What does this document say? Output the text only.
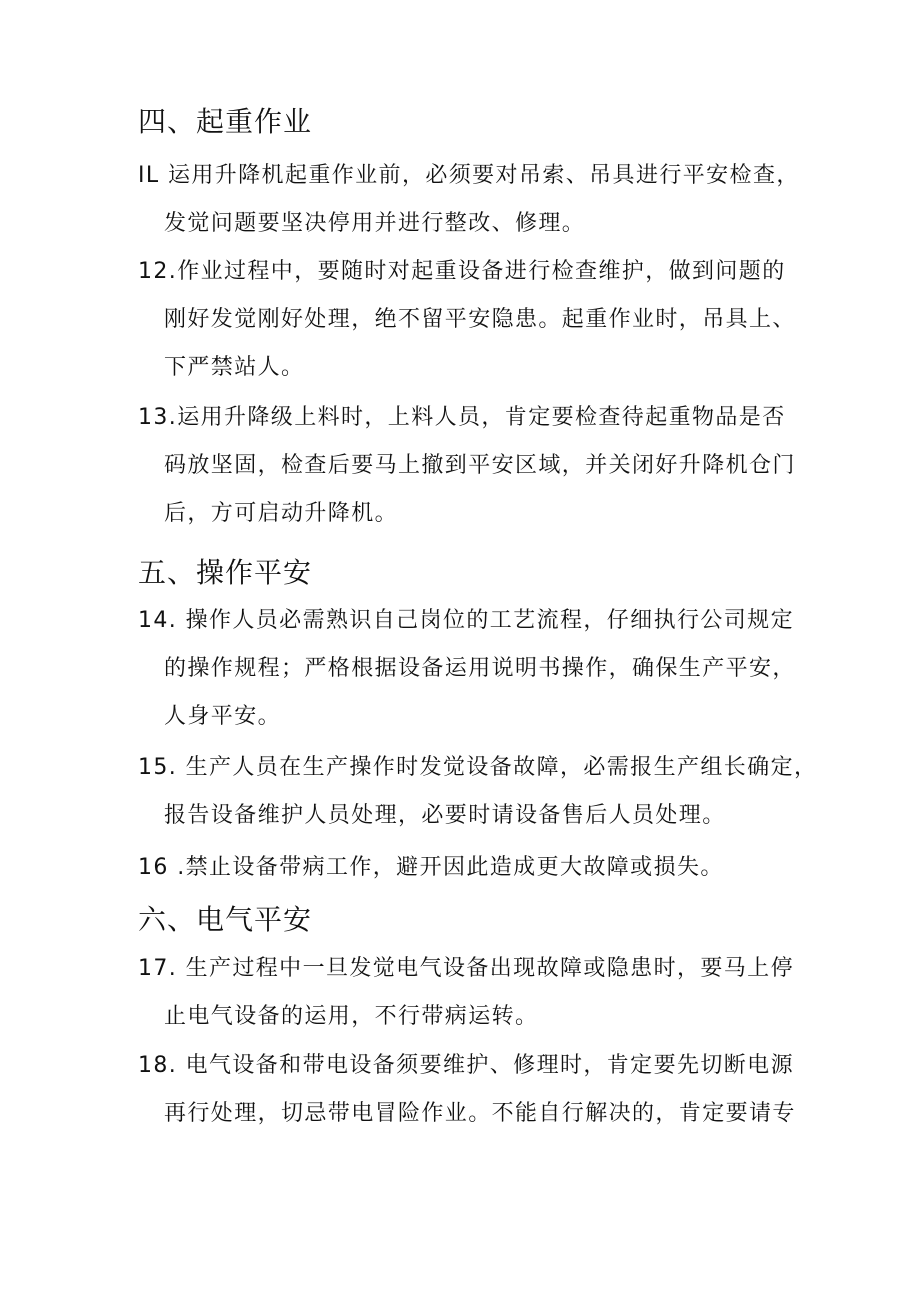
四、起重作业
IL 运用升降机起重作业前，必须要对吊索、吊具进行平安检查，
发觉问题要坚决停用并进行整改、修理。
12.作业过程中，要随时对起重设备进行检查维护，做到问题的
刚好发觉刚好处理，绝不留平安隐患。起重作业时，吊具上、
下严禁站人。
13.运用升降级上料时，上料人员，肯定要检查待起重物品是否
码放坚固，检查后要马上撤到平安区域，并关闭好升降机仓门
后，方可启动升降机。
五、操作平安
14. 操作人员必需熟识自己岗位的工艺流程，仔细执行公司规定
的操作规程；严格根据设备运用说明书操作，确保生产平安，
人身平安。
15. 生产人员在生产操作时发觉设备故障，必需报生产组长确定，
报告设备维护人员处理，必要时请设备售后人员处理。
16 .禁止设备带病工作，避开因此造成更大故障或损失。
六、电气平安
17. 生产过程中一旦发觉电气设备出现故障或隐患时，要马上停
止电气设备的运用，不行带病运转。
18. 电气设备和带电设备须要维护、修理时，肯定要先切断电源
再行处理，切忌带电冒险作业。不能自行解决的，肯定要请专
